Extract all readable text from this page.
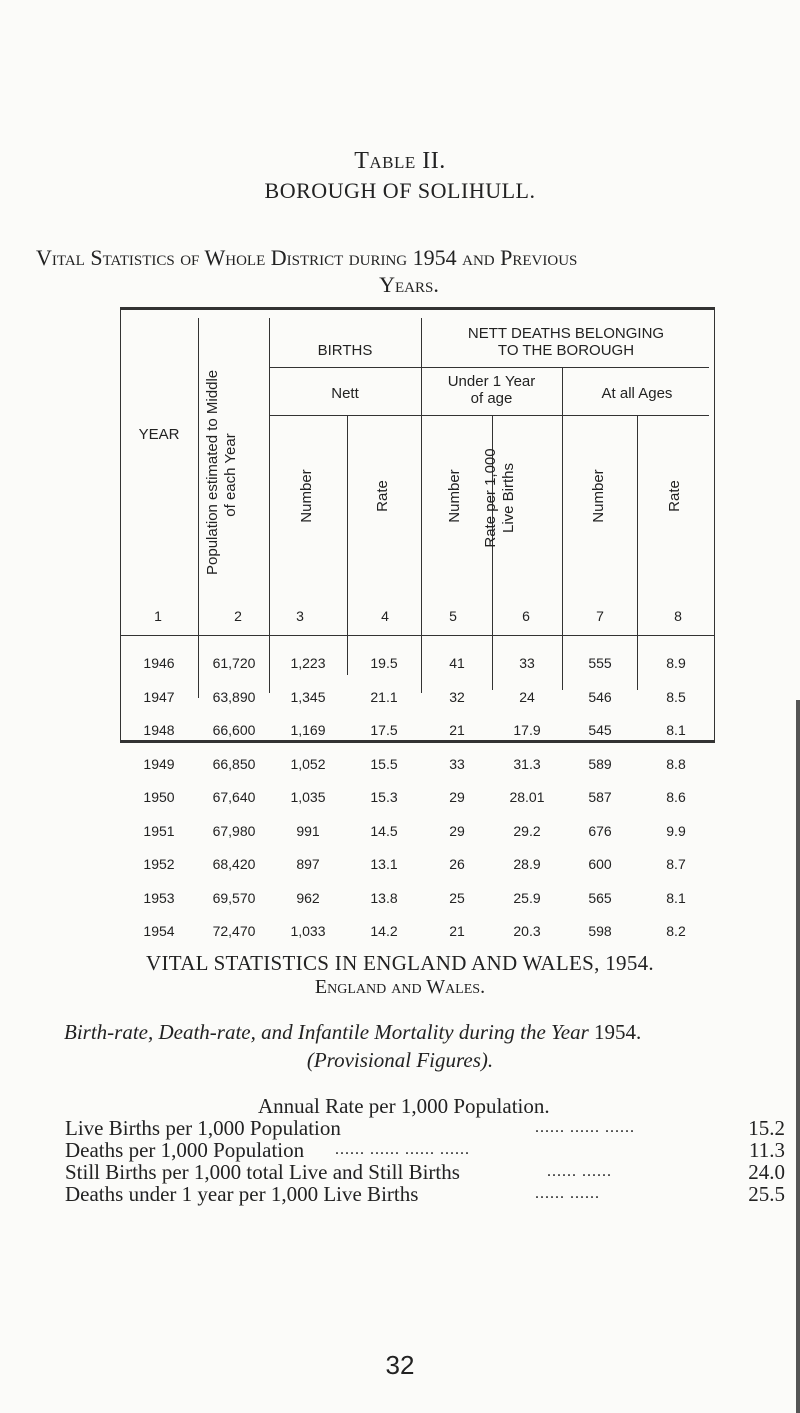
Table II.
BOROUGH OF SOLIHULL.
Vital Statistics of Whole District during 1954 and Previous
Years.
YEAR	Population estimated to Middle
of each Year
BIRTHS
Nett
NETT DEATHS BELONGING
TO THE BOROUGH
Under 1 Year
of age	At all Ages
Number	Rate	Number Rate per 1,000
Live Births	Number	Rate
1	2	3	4	5	6	7	8
1946	61,720	1,223	19.5	41	33	555	8.9
1947	63,890	1,345	21.1	32	24	546	8.5
1948	66,600	1,169	17.5	21	17.9	545	8.1
1949	66,850	1,052	15.5	33	31.3	589	8.8
1950	67,640	1,035	15.3	29	28.01	587	8.6
1951	67,980	991	14.5	29	29.2	676	9.9
1952	68,420	897	13.1	26	28.9	600	8.7
1953	69,570	962	13.8	25	25.9	565	8.1
1954	72,470	1,033	14.2	21	20.3	598	8.2
VITAL STATISTICS IN ENGLAND AND WALES, 1954.
England and Wales.
Birth-rate, Death-rate, and Infantile Mortality during the Year 1954.
(Provisional Figures).
Annual Rate per 1,000 Population.
Live Births per 1,000 Population	...... ...... ......	15.2
Deaths per 1,000 Population ...... ...... ...... ......	11.3
Still Births per 1,000 total Live and Still Births	...... ......	24.0
Deaths under 1 year per 1,000 Live Births	...... ......	25.5
32
